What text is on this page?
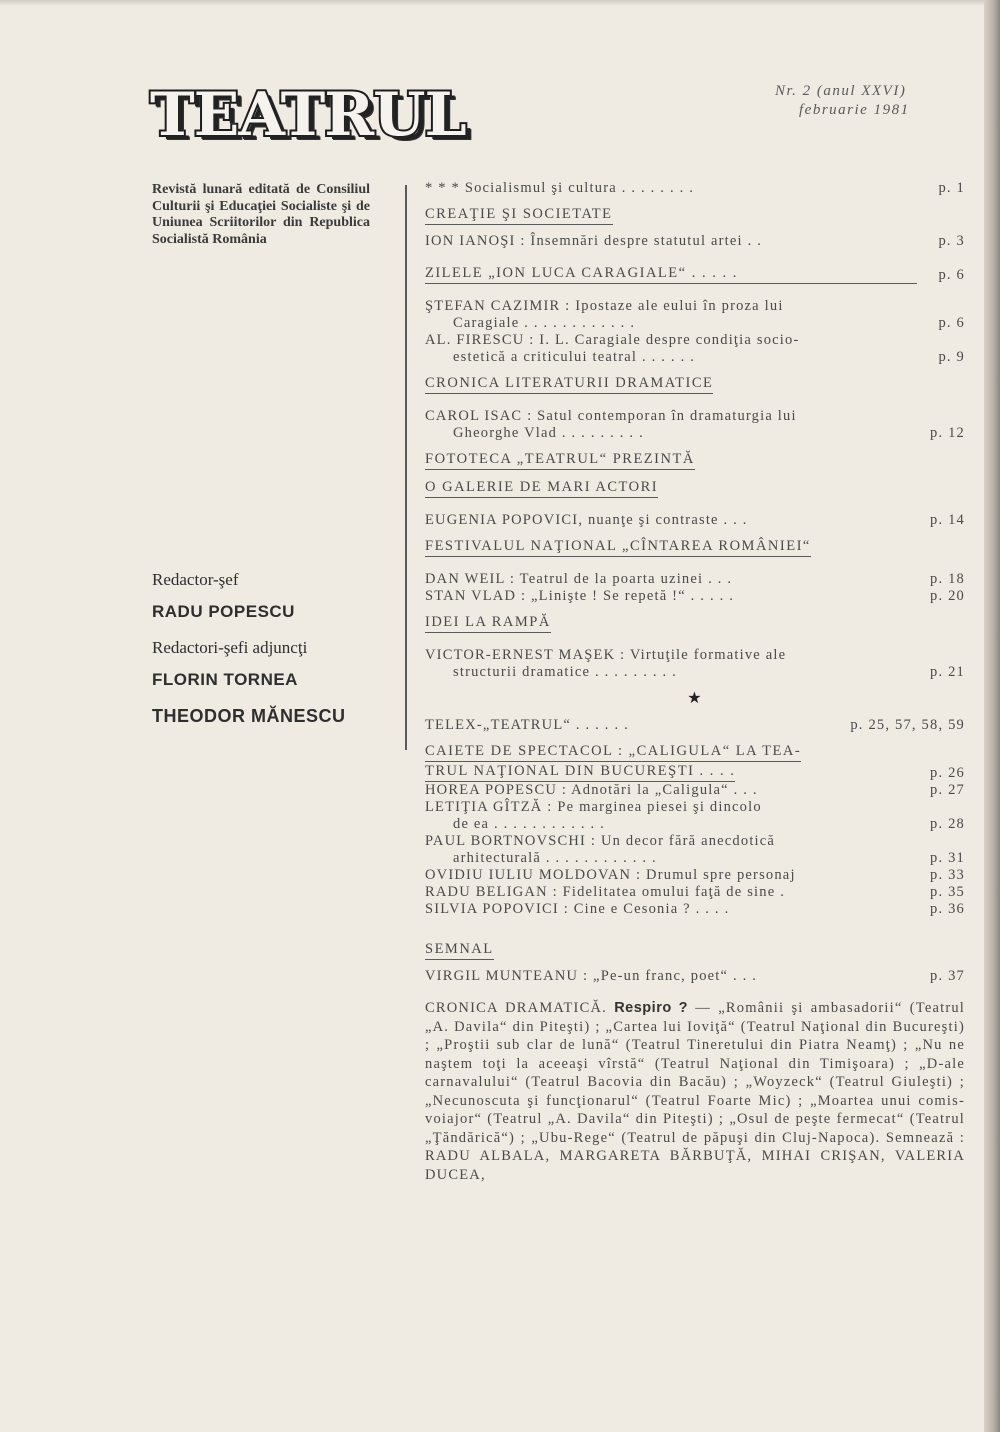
TEATRUL	Nr. 2 (anul XXVI)
februarie 1981
Revistă lunară editată de Consiliul Culturii şi Educaţiei Socialiste şi de Uniunea Scriitorilor din Republica Socialistă România
Redactor-şef
RADU POPESCU
Redactori-şefi adjuncţi
FLORIN TORNEA
THEODOR MĂNESCU
* * * Socialismul şi cultura . . . . . . . .	p. 1
CREAŢIE ŞI SOCIETATE
ION IANOŞI : Însemnări despre statutul artei . .	p. 3
ZILELE „ION LUCA CARAGIALE“ . . . . .	p. 6
ŞTEFAN CAZIMIR : Ipostaze ale eului în proza lui
Caragiale . . . . . . . . . . . .	p. 6
AL. FIRESCU : I. L. Caragiale despre condiţia socio-
estetică a criticului teatral . . . . . .	p. 9
CRONICA LITERATURII DRAMATICE
CAROL ISAC : Satul contemporan în dramaturgia lui
Gheorghe Vlad . . . . . . . . .	p. 12
FOTOTECA „TEATRUL“ PREZINTĂ
O GALERIE DE MARI ACTORI
EUGENIA POPOVICI, nuanţe şi contraste . . .	p. 14
FESTIVALUL NAŢIONAL „CÎNTAREA ROMÂNIEI“
DAN WEIL : Teatrul de la poarta uzinei . . .	p. 18
STAN VLAD : „Linişte ! Se repetă !“ . . . . .	p. 20
IDEI LA RAMPĂ
VICTOR-ERNEST MAŞEK : Virtuţile formative ale
structurii dramatice . . . . . . . . .	p. 21
★
TELEX-„TEATRUL“ . . . . . .	p. 25, 57, 58, 59
CAIETE DE SPECTACOL : „CALIGULA“ LA TEA-
TRUL NAŢIONAL DIN BUCUREŞTI . . . .	p. 26
HOREA POPESCU : Adnotări la „Caligula“ . . .	p. 27
LETIŢIA GÎTZĂ : Pe marginea piesei şi dincolo
de ea . . . . . . . . . . . .	p. 28
PAUL BORTNOVSCHI : Un decor fără anecdotică
arhitecturală . . . . . . . . . . . .	p. 31
OVIDIU IULIU MOLDOVAN : Drumul spre personaj	p. 33
RADU BELIGAN : Fidelitatea omului faţă de sine .	p. 35
SILVIA POPOVICI : Cine e Cesonia ? . . . .	p. 36
SEMNAL
VIRGIL MUNTEANU : „Pe-un franc, poet“ . . .	p. 37
CRONICA DRAMATICĂ. Respiro ? — „Românii şi ambasadorii“ (Teatrul „A. Davila“ din Piteşti) ; „Cartea lui Ioviţă“ (Teatrul Naţional din Bucureşti) ; „Proştii sub clar de lună“ (Teatrul Tineretului din Piatra Neamţ) ; „Nu ne naştem toţi la aceeaşi vîrstă“ (Teatrul Naţional din Timişoara) ; „D-ale carnavalului“ (Teatrul Bacovia din Bacău) ; „Woyzeck“ (Teatrul Giuleşti) ; „Necunoscuta şi funcţionarul“ (Teatrul Foarte Mic) ; „Moartea unui comis-voiajor“ (Teatrul „A. Davila“ din Piteşti) ; „Osul de peşte fermecat“ (Teatrul „Ţăndărică“) ; „Ubu-Rege“ (Teatrul de păpuşi din Cluj-Napoca). Semnează : RADU ALBALA, MARGARETA BĂRBUŢĂ, MIHAI CRIŞAN, VALERIA DUCEA,
